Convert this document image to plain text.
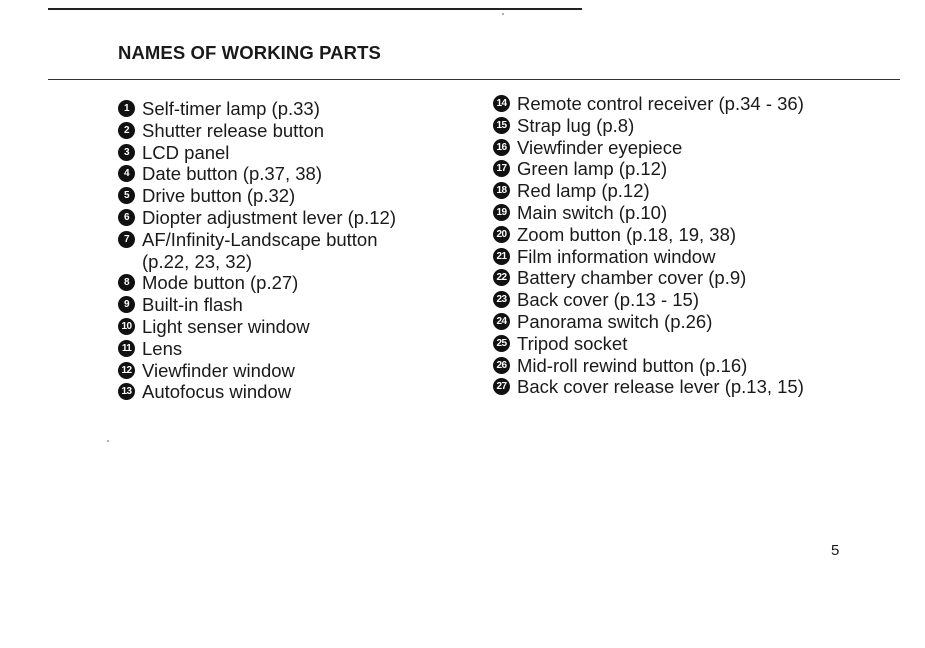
NAMES OF WORKING PARTS
1 Self-timer lamp (p.33)
2 Shutter release button
3 LCD panel
4 Date button (p.37, 38)
5 Drive button (p.32)
6 Diopter adjustment lever (p.12)
7 AF/Infinity-Landscape button
(p.22, 23, 32)
8 Mode button (p.27)
9 Built-in flash
10 Light senser window
11 Lens
12 Viewfinder window
13 Autofocus window
14 Remote control receiver (p.34 - 36)
15 Strap lug (p.8)
16 Viewfinder eyepiece
17 Green lamp (p.12)
18 Red lamp (p.12)
19 Main switch (p.10)
20 Zoom button (p.18, 19, 38)
21 Film information window
22 Battery chamber cover (p.9)
23 Back cover (p.13 - 15)
24 Panorama switch (p.26)
25 Tripod socket
26 Mid-roll rewind button (p.16)
27 Back cover release lever (p.13, 15)
5
